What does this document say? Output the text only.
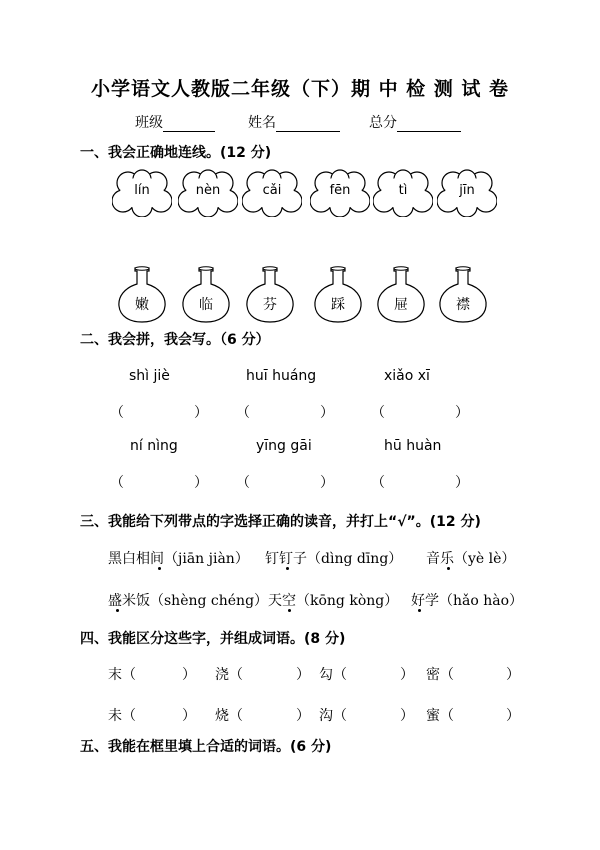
小学语文人教版二年级（下）期 中 检 测 试 卷
班级	姓名	总分
一、我会正确地连线。(12 分)
lín	nèn	cǎi	fēn	tì	jīn
嫩	临	芬	踩	屉	襟
二、我会拼，我会写。（6 分）
shì jiè	huī huáng	xiǎo xī
（　　　　　） （　　　　　）	（　　　　　）
ní nìng	yīng gāi	hū huàn
（　　　　　） （　　　　　）	（　　　　　）
三、我能给下列带点的字选择正确的读音，并打上“√”。(12 分)
黑白相间（jiān jiàn） 钉钉子（dìng dīng） 音乐（yè lè）
盛米饭（shèng chéng） 天空（kōng kòng） 好学（hǎo hào）
四、我能区分这些字，并组成词语。(8 分)
末（	） 浇（	） 勾（	） 密（	）
未（	） 烧（	） 沟（	） 蜜（	）
五、我能在框里填上合适的词语。(6 分)
